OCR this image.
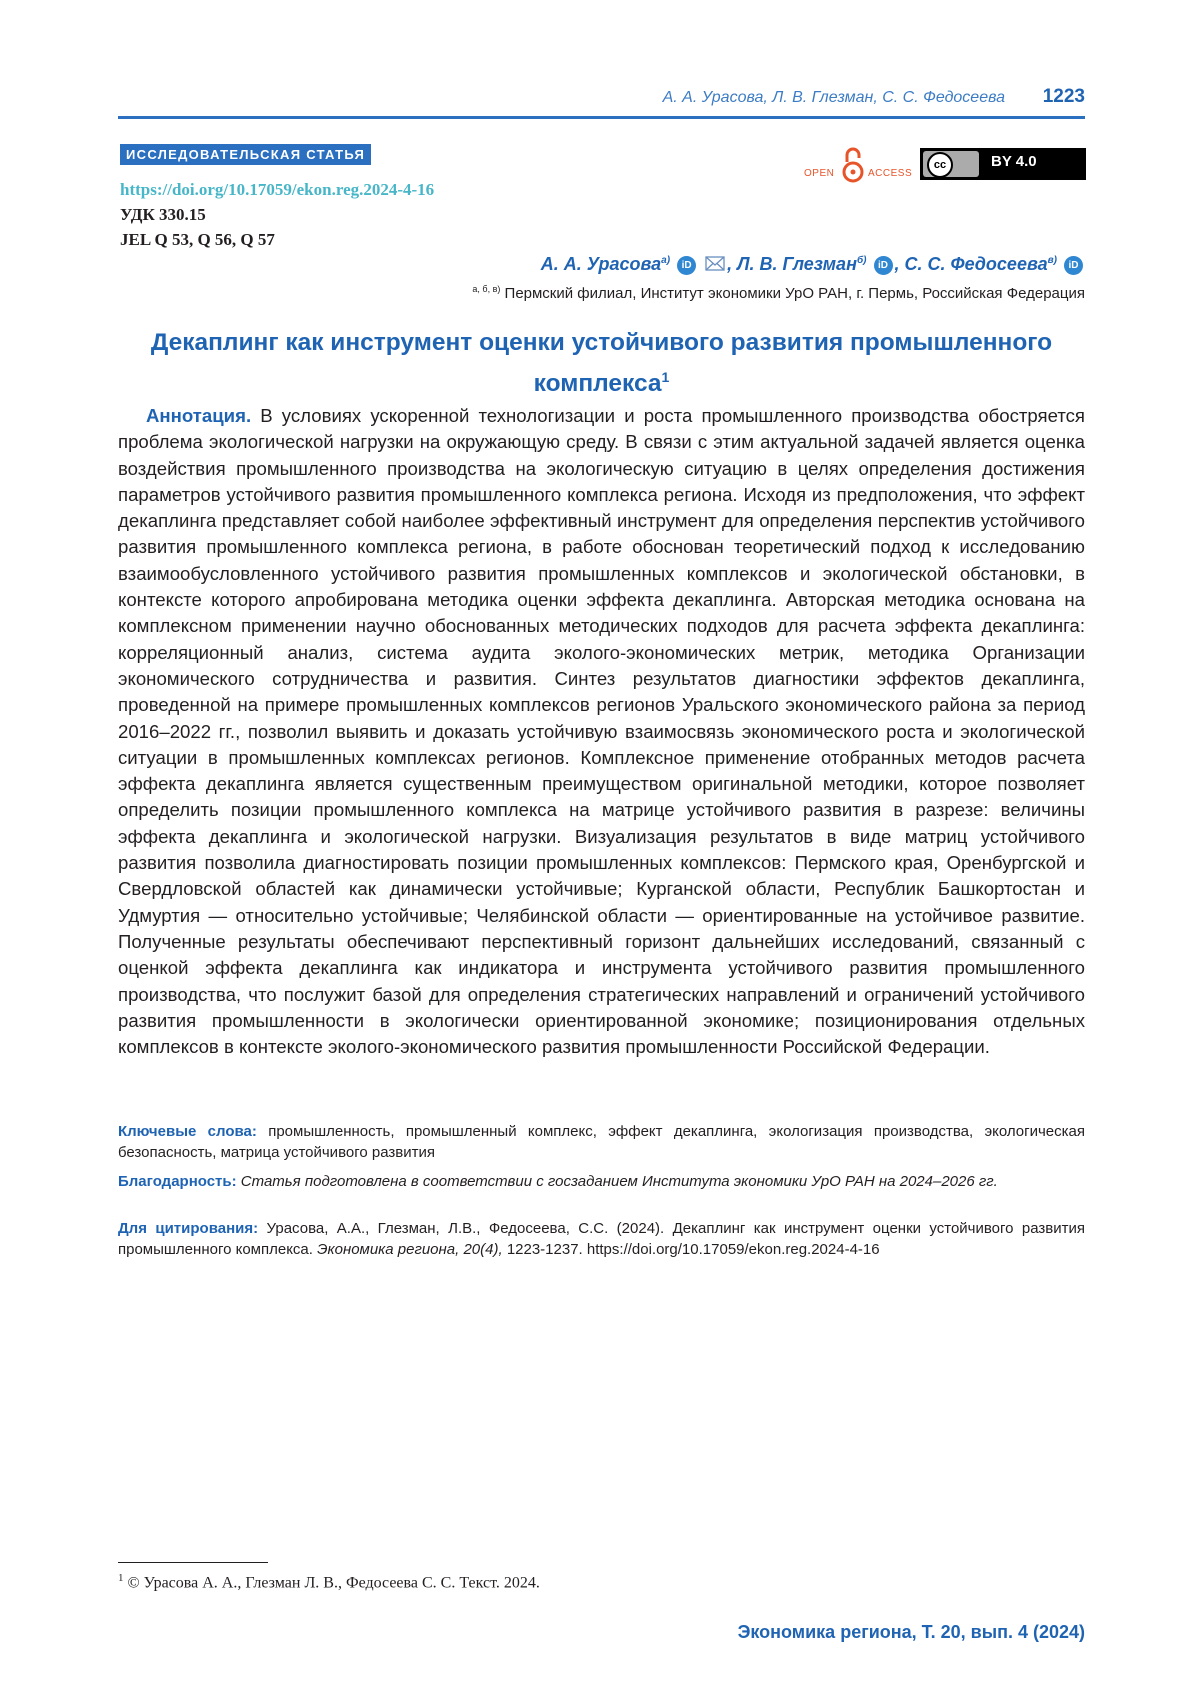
А. А. Урасова, Л. В. Глезман, С. С. Федосеева 1223
ИССЛЕДОВАТЕЛЬСКАЯ СТАТЬЯ
https://doi.org/10.17059/ekon.reg.2024-4-16
УДК 330.15
JEL Q 53, Q 56, Q 57
OPEN	ACCESS
cc	BY 4.0
А. А. Урасова$^{а)}$ iD , Л. В. Глезман$^{б)}$ iD , С. С. Федосеева$^{в)}$ iD
$^{а, б, в)}$ Пермский филиал, Институт экономики УрО РАН, г. Пермь, Российская Федерация
Декаплинг как инструмент оценки устойчивого развития промышленного комплекса$^1$
Аннотация. В условиях ускоренной технологизации и роста промышленного производства обостряется проблема экологической нагрузки на окружающую среду. В связи с этим актуальной задачей является оценка воздействия промышленного производства на экологическую ситуацию в целях определения достижения параметров устойчивого развития промышленного комплекса региона. Исходя из предположения, что эффект декаплинга представляет собой наиболее эффективный инструмент для определения перспектив устойчивого развития промышленного комплекса региона, в работе обоснован теоретический подход к исследованию взаимообусловленного устойчивого развития промышленных комплексов и экологической обстановки, в контексте которого апробирована методика оценки эффекта декаплинга. Авторская методика основана на комплексном применении научно обоснованных методических подходов для расчета эффекта декаплинга: корреляционный анализ, система аудита эколого-экономических метрик, методика Организации экономического сотрудничества и развития. Синтез результатов диагностики эффектов декаплинга, проведенной на примере промышленных комплексов регионов Уральского экономического района за период 2016–2022 гг., позволил выявить и доказать устойчивую взаимосвязь экономического роста и экологической ситуации в промышленных комплексах регионов. Комплексное применение отобранных методов расчета эффекта декаплинга является существенным преимуществом оригинальной методики, которое позволяет определить позиции промышленного комплекса на матрице устойчивого развития в разрезе: величины эффекта декаплинга и экологической нагрузки. Визуализация результатов в виде матриц устойчивого развития позволила диагностировать позиции промышленных комплексов: Пермского края, Оренбургской и Свердловской областей как динамически устойчивые; Курганской области, Республик Башкортостан и Удмуртия — относительно устойчивые; Челябинской области — ориентированные на устойчивое развитие. Полученные результаты обеспечивают перспективный горизонт дальнейших исследований, связанный с оценкой эффекта декаплинга как индикатора и инструмента устойчивого развития промышленного производства, что послужит базой для определения стратегических направлений и ограничений устойчивого развития промышленности в экологически ориентированной экономике; позиционирования отдельных комплексов в контексте эколого-экономического развития промышленности Российской Федерации.
Ключевые слова: промышленность, промышленный комплекс, эффект декаплинга, экологизация производства, экологическая безопасность, матрица устойчивого развития
Благодарность: Статья подготовлена в соответствии с госзаданием Института экономики УрО РАН на 2024–2026 гг.
Для цитирования: Урасова, А.А., Глезман, Л.В., Федосеева, С.С. (2024). Декаплинг как инструмент оценки устойчивого развития промышленного комплекса. Экономика региона, 20(4), 1223-1237. https://doi.org/10.17059/ekon.reg.2024-4-16
$^1$ © Урасова А. А., Глезман Л. В., Федосеева С. С. Текст. 2024.
Экономика региона, Т. 20, вып. 4 (2024)
